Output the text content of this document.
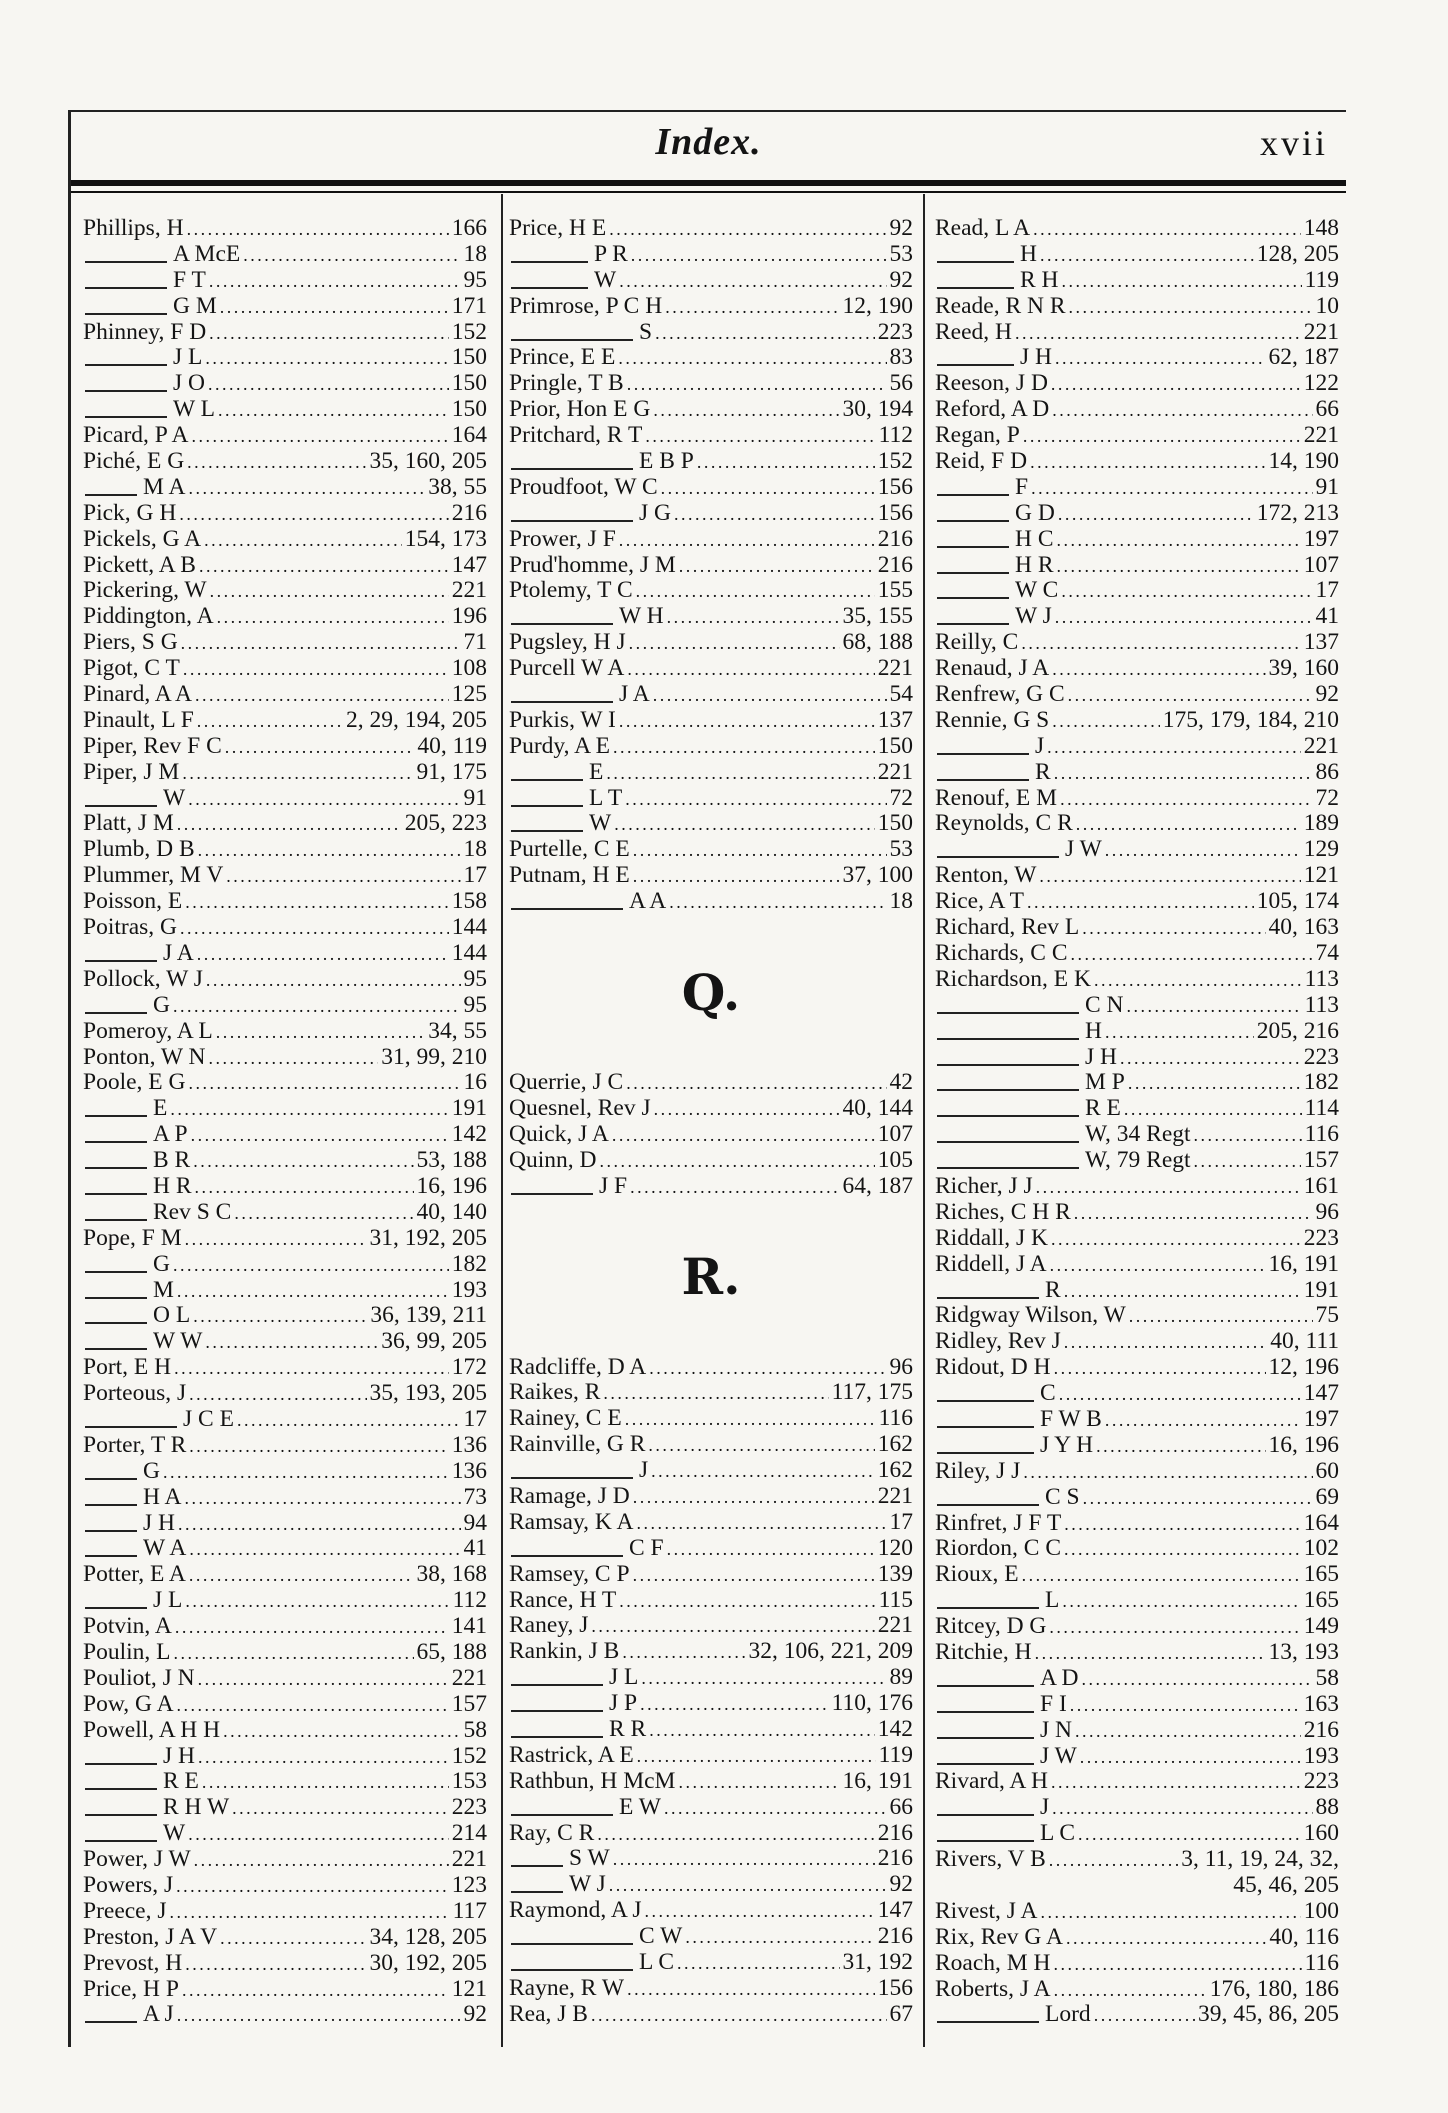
Index.	xvii
Phillips, H . . .	166
A McE . . .	18
F T . . .	95
G M . . .	171
Phinney, F D . . .	152
J L . . .	150
J O . . .	150
W L . . .	150
Picard, P A . . .	164
Piché, E G . . .	35, 160, 205
M A . . .	38, 55
Pick, G H . . .	216
Pickels, G A . . .	154, 173
Pickett, A B . . .	147
Pickering, W . . .	221
Piddington, A . . .	196
Piers, S G . . .	71
Pigot, C T . . .	108
Pinard, A A . . .	125
Pinault, L F . . .	2, 29, 194, 205
Piper, Rev F C . . .	40, 119
Piper, J M . . .	91, 175
W . . .	91
Platt, J M . . .	205, 223
Plumb, D B . . .	18
Plummer, M V . . .	17
Poisson, E . . .	158
Poitras, G . . .	144
J A . . .	144
Pollock, W J . . .	95
G . . .	95
Pomeroy, A L . . .	34, 55
Ponton, W N . . .	31, 99, 210
Poole, E G . . .	16
E . . .	191
A P . . .	142
B R . . .	53, 188
H R . . .	16, 196
Rev S C . . .	40, 140
Pope, F M . . .	31, 192, 205
G . . .	182
M . . .	193
O L . . .	36, 139, 211
W W . . .	36, 99, 205
Port, E H . . .	172
Porteous, J . . .	35, 193, 205
J C E . . .	17
Porter, T R . . .	136
G . . .	136
H A . . .	73
J H . . .	94
W A . . .	41
Potter, E A . . .	38, 168
J L . . .	112
Potvin, A . . .	141
Poulin, L . . .	65, 188
Pouliot, J N . . .	221
Pow, G A . . .	157
Powell, A H H . . .	58
J H . . .	152
R E . . .	153
R H W . . .	223
W . . .	214
Power, J W . . .	221
Powers, J . . .	123
Preece, J . . .	117
Preston, J A V . . .	34, 128, 205
Prevost, H . . .	30, 192, 205
Price, H P . . .	121
A J . . .	92
Price, H E . . .	92
P R . . .	53
W . . .	92
Primrose, P C H . . .	12, 190
S . . .	223
Prince, E E . . .	83
Pringle, T B . . .	56
Prior, Hon E G . . .	30, 194
Pritchard, R T . . .	112
E B P . . .	152
Proudfoot, W C . . .	156
J G . . .	156
Prower, J F . . .	216
Prud'homme, J M . . .	216
Ptolemy, T C . . .	155
W H . . .	35, 155
Pugsley, H J . . .	68, 188
Purcell W A . . .	221
J A . . .	54
Purkis, W I . . .	137
Purdy, A E . . .	150
E . . .	221
L T . . .	72
W . . .	150
Purtelle, C E . . .	53
Putnam, H E . . .	37, 100
A A . . .	18
Q.
Querrie, J C . . .	42
Quesnel, Rev J . . .	40, 144
Quick, J A . . .	107
Quinn, D . . .	105
J F . . .	64, 187
R.
Radcliffe, D A . . .	96
Raikes, R . . .	117, 175
Rainey, C E . . .	116
Rainville, G R . . .	162
J . . .	162
Ramage, J D . . .	221
Ramsay, K A . . .	17
C F . . .	120
Ramsey, C P . . .	139
Rance, H T . . .	115
Raney, J . . .	221
Rankin, J B . . .	32, 106, 221, 209
J L . . .	89
J P . . .	110, 176
R R . . .	142
Rastrick, A E . . .	119
Rathbun, H McM . . .	16, 191
E W . . .	66
Ray, C R . . .	216
S W . . .	216
W J . . .	92
Raymond, A J . . .	147
C W . . .	216
L C . . .	31, 192
Rayne, R W . . .	156
Rea, J B . . .	67
Read, L A . . .	148
H . . .	128, 205
R H . . .	119
Reade, R N R . . .	10
Reed, H . . .	221
J H . . .	62, 187
Reeson, J D . . .	122
Reford, A D . . .	66
Regan, P . . .	221
Reid, F D . . .	14, 190
F . . .	91
G D . . .	172, 213
H C . . .	197
H R . . .	107
W C . . .	17
W J . . .	41
Reilly, C . . .	137
Renaud, J A . . .	39, 160
Renfrew, G C . . .	92
Rennie, G S . . .	175, 179, 184, 210
J . . .	221
R . . .	86
Renouf, E M . . .	72
Reynolds, C R . . .	189
J W . . .	129
Renton, W . . .	121
Rice, A T . . .	105, 174
Richard, Rev L . . .	40, 163
Richards, C C . . .	74
Richardson, E K . . .	113
C N . . .	113
H . . .	205, 216
J H . . .	223
M P . . .	182
R E . . .	114
W, 34 Regt . . .	116
W, 79 Regt . . .	157
Richer, J J . . .	161
Riches, C H R . . .	96
Riddall, J K . . .	223
Riddell, J A . . .	16, 191
R . . .	191
Ridgway Wilson, W . . .	75
Ridley, Rev J . . .	40, 111
Ridout, D H . . .	12, 196
C . . .	147
F W B . . .	197
J Y H . . .	16, 196
Riley, J J . . .	60
C S . . .	69
Rinfret, J F T . . .	164
Riordon, C C . . .	102
Rioux, E . . .	165
L . . .	165
Ritcey, D G . . .	149
Ritchie, H . . .	13, 193
A D . . .	58
F I . . .	163
J N . . .	216
J W . . .	193
Rivard, A H . . .	223
J . . .	88
L C . . .	160
Rivers, V B . . .	3, 11, 19, 24, 32,
45, 46, 205
Rivest, J A . . .	100
Rix, Rev G A . . .	40, 116
Roach, M H . . .	116
Roberts, J A . . .	176, 180, 186
Lord . . .	39, 45, 86, 205
